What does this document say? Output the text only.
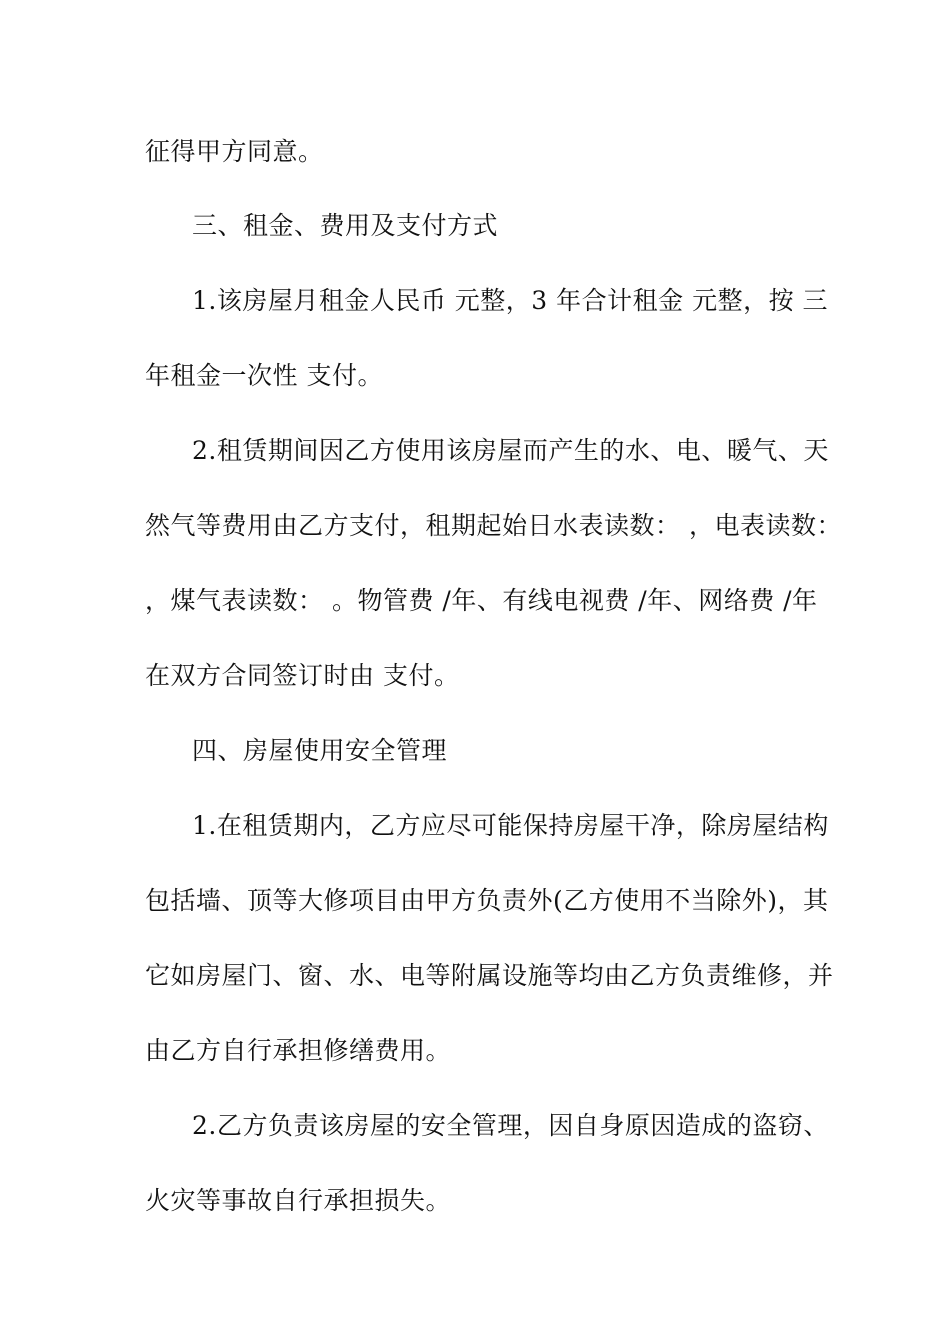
征得甲方同意。
三、租金、费用及支付方式
1.该房屋月租金人民币 元整，3 年合计租金 元整，按 三
年租金一次性 支付。
2.租赁期间因乙方使用该房屋而产生的水、电、暖气、天
然气等费用由乙方支付，租期起始日水表读数： ，电表读数：
，煤气表读数： 。物管费 /年、有线电视费 /年、网络费 /年
在双方合同签订时由 支付。
四、房屋使用安全管理
1.在租赁期内，乙方应尽可能保持房屋干净，除房屋结构
包括墙、顶等大修项目由甲方负责外(乙方使用不当除外)，其
它如房屋门、窗、水、电等附属设施等均由乙方负责维修，并
由乙方自行承担修缮费用。
2.乙方负责该房屋的安全管理，因自身原因造成的盗窃、
火灾等事故自行承担损失。
